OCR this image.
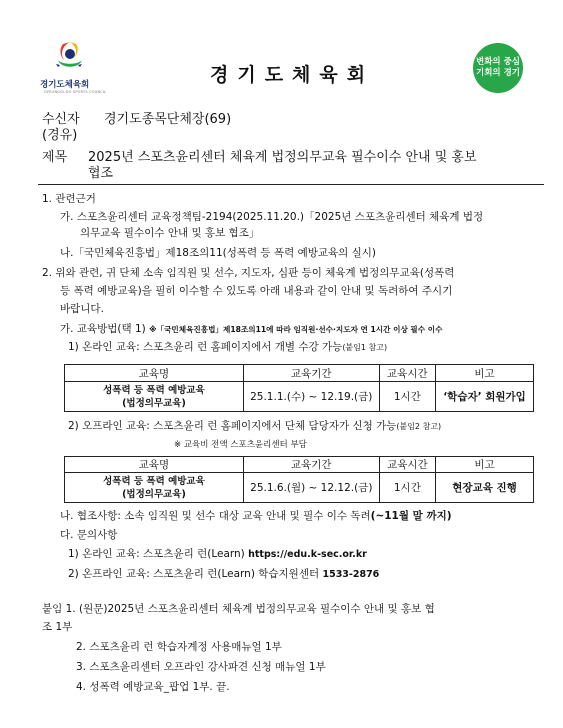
경기도체육회
GYEONGGI-DO SPORTS COUNCIL
경기도체육회
변화의 중심
기회의 경기
수신자 경기도종목단체장(69)
(경유)
제목 2025년 스포츠윤리센터 체육계 법정의무교육 필수이수 안내 및 홍보
협조
1. 관련근거
가. 스포츠윤리센터 교육정책팀-2194(2025.11.20.)「2025년 스포츠윤리센터 체육계 법정
의무교육 필수이수 안내 및 홍보 협조」
나.「국민체육진흥법」제18조의11(성폭력 등 폭력 예방교육의 실시)
2. 위와 관련, 귀 단체 소속 임직원 및 선수, 지도자, 심판 등이 체육계 법정의무교육(성폭력
등 폭력 예방교육)을 필히 이수할 수 있도록 아래 내용과 같이 안내 및 독려하여 주시기
바랍니다.
가. 교육방법(택 1) ※「국민체육진흥법」제18조의11에 따라 임직원·선수·지도자 연 1시간 이상 필수 이수
1) 온라인 교육: 스포츠윤리 런 홈페이지에서 개별 수강 가능(붙임1 참고)
교육명	교육기간	교육시간	비고

성폭력 등 폭력 예방교육
(법정의무교육)	25.1.1.(수) ~ 12.19.(금)	1시간	‘학습자’ 회원가입
2) 오프라인 교육: 스포츠윤리 런 홈페이지에서 단체 담당자가 신청 가능(붙임2 참고)
※ 교육비 전액 스포츠윤리센터 부담
교육명	교육기간	교육시간	비고

성폭력 등 폭력 예방교육
(법정의무교육)	25.1.6.(월) ~ 12.12.(금)	1시간	현장교육 진행
나. 협조사항: 소속 임직원 및 선수 대상 교육 안내 및 필수 이수 독려(~11월 말 까지)
다. 문의사항
1) 온라인 교육: 스포츠윤리 런(Learn) https://edu.k-sec.or.kr
2) 온프라인 교육: 스포츠윤리 런(Learn) 학습지원센터 1533-2876
붙임 1. (원문)2025년 스포츠윤리센터 체육계 법정의무교육 필수이수 안내 및 홍보 협
조 1부
2. 스포츠윤리 런 학습자계정 사용매뉴얼 1부
3. 스포츠윤리센터 오프라인 강사파견 신청 매뉴얼 1부
4. 성폭력 예방교육_팝업 1부. 끝.
